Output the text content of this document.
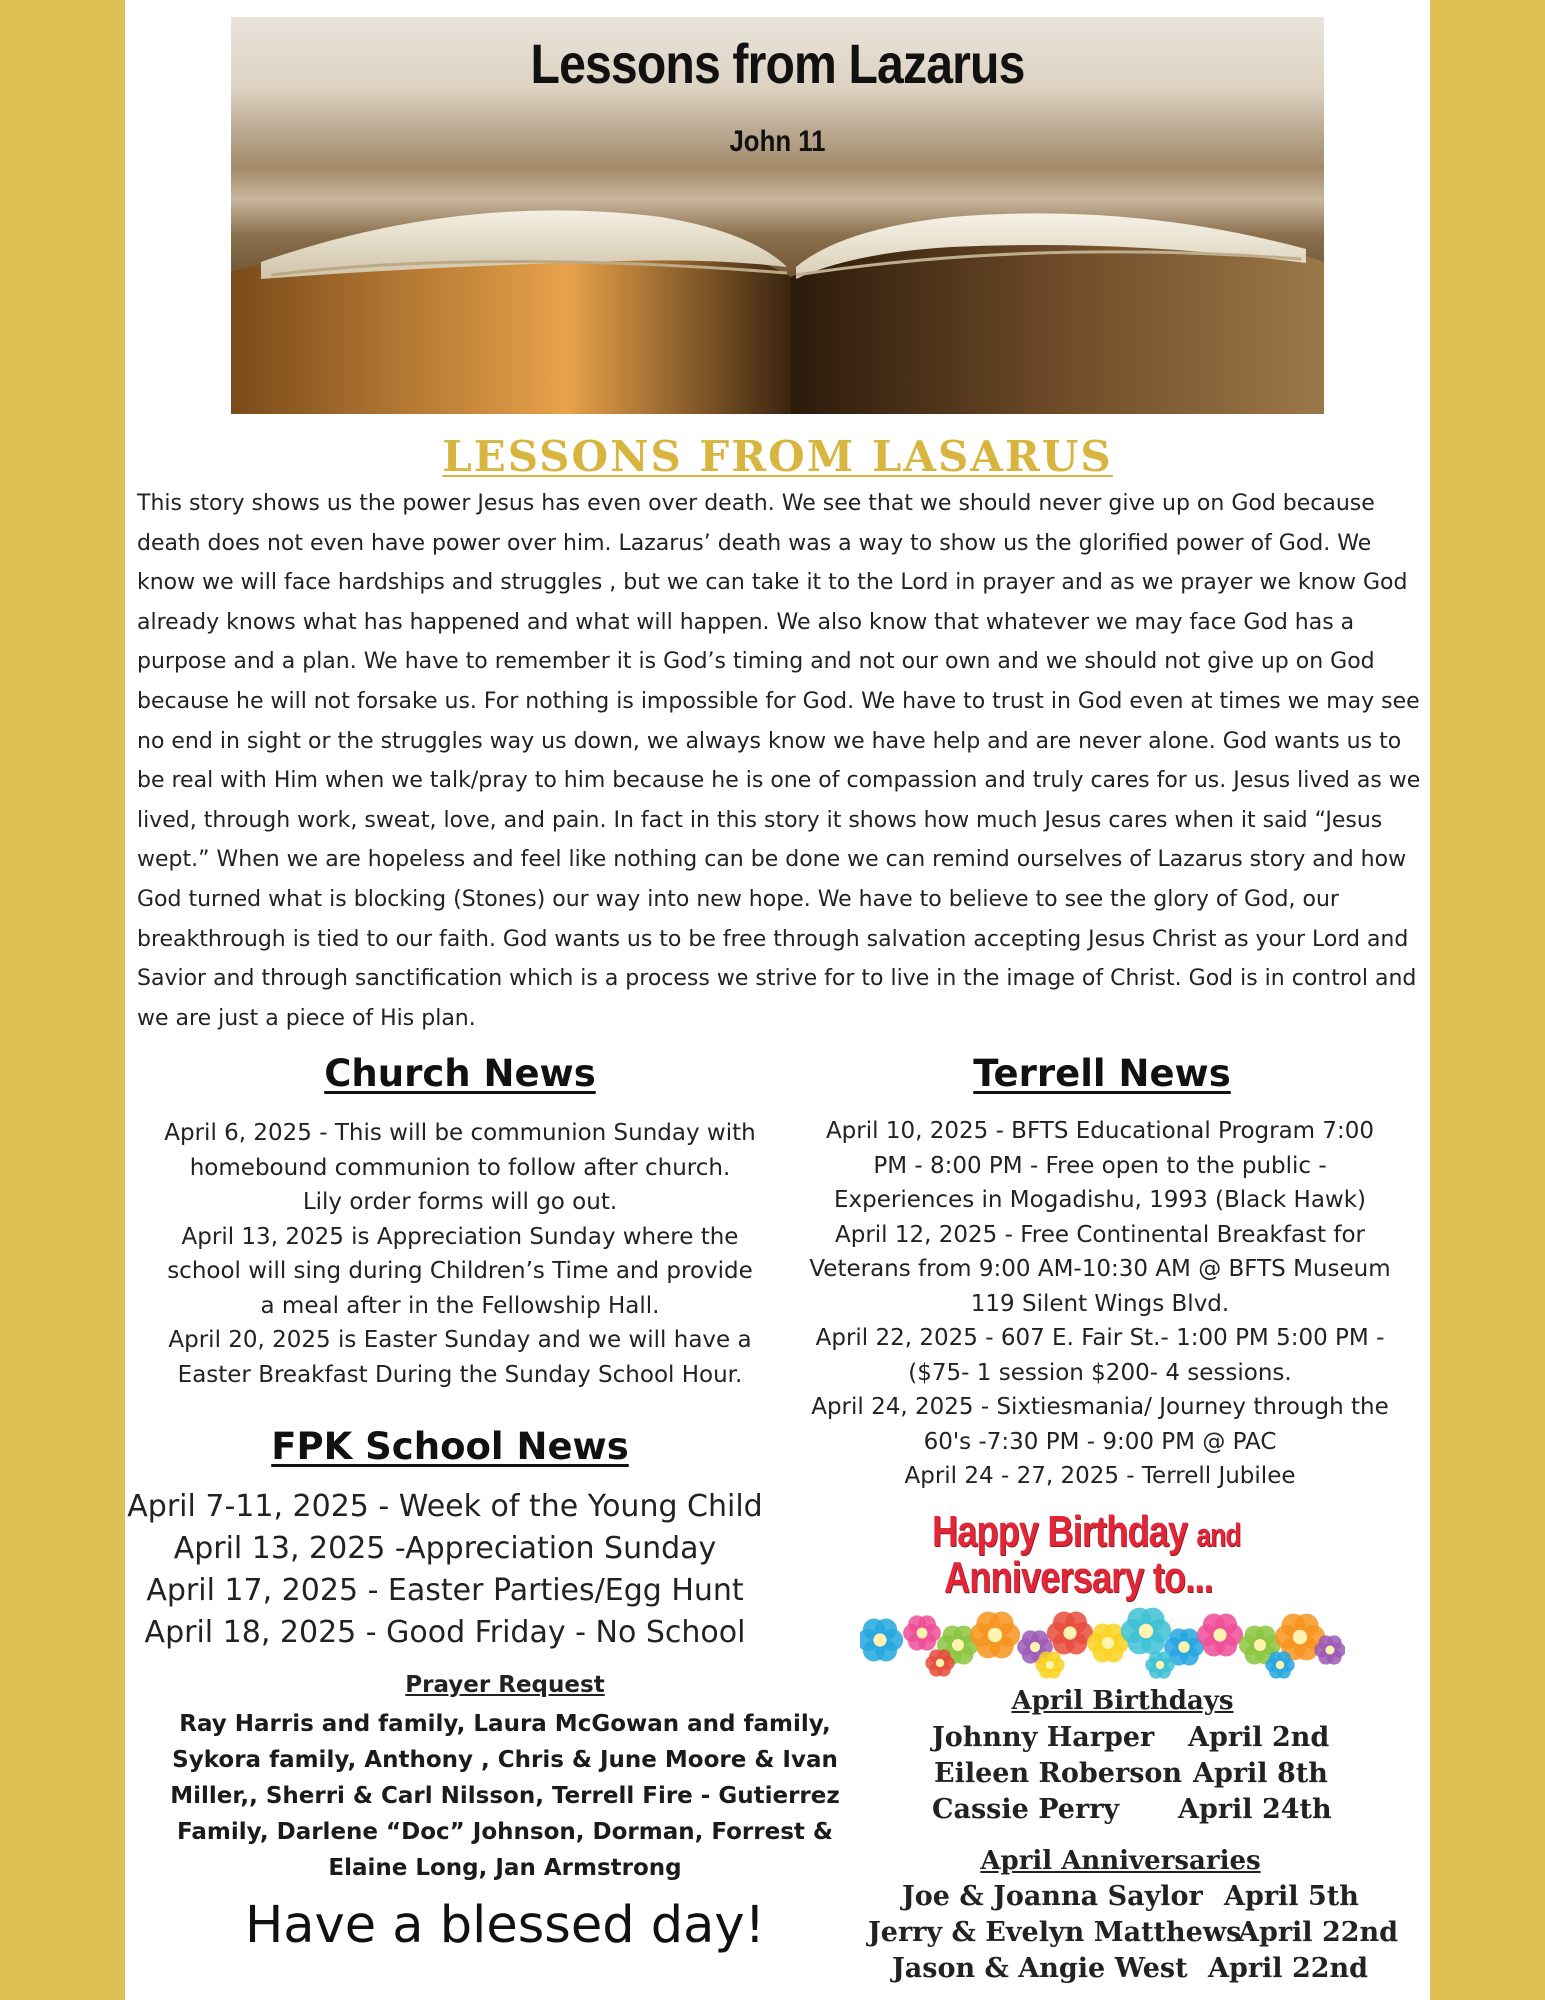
Lessons from Lazarus
John 11
LESSONS FROM LASARUS

This story shows us the power Jesus has even over death. We see that we should never give up on God because death does not even have power over him. Lazarus’ death was a way to show us the glorified power of God. We know we will face hardships and struggles , but we can take it to the Lord in prayer and as we prayer we know God already knows what has happened and what will happen. We also know that whatever we may face God has a purpose and a plan. We have to remember it is God’s timing and not our own and we should not give up on God because he will not forsake us. For nothing is impossible for God. We have to trust in God even at times we may see no end in sight or the struggles way us down, we always know we have help and are never alone. God wants us to be real with Him when we talk/pray to him because he is one of compassion and truly cares for us. Jesus lived as we lived, through work, sweat, love, and pain. In fact in this story it shows how much Jesus cares when it said “Jesus wept.” When we are hopeless and feel like nothing can be done we can remind ourselves of Lazarus story and how God turned what is blocking (Stones) our way into new hope. We have to believe to see the glory of God, our breakthrough is tied to our faith. God wants us to be free through salvation accepting Jesus Christ as your Lord and Savior and through sanctification which is a process we strive for to live in the image of Christ. God is in control and we are just a piece of His plan.

Church News
April 6, 2025 - This will be communion Sunday with
homebound communion to follow after church.
Lily order forms will go out.
April 13, 2025 is Appreciation Sunday where the
school will sing during Children’s Time and provide
a meal after in the Fellowship Hall.
April 20, 2025 is Easter Sunday and we will have a
Easter Breakfast During the Sunday School Hour.
Terrell News
April 10, 2025 - BFTS Educational Program 7:00
PM - 8:00 PM - Free open to the public -
Experiences in Mogadishu, 1993 (Black Hawk)
April 12, 2025 - Free Continental Breakfast for
Veterans from 9:00 AM-10:30 AM @ BFTS Museum
119 Silent Wings Blvd.
April 22, 2025 - 607 E. Fair St.- 1:00 PM 5:00 PM -
($75- 1 session $200- 4 sessions.
April 24, 2025 - Sixtiesmania/ Journey through the
60's -7:30 PM - 9:00 PM @ PAC
April 24 - 27, 2025 - Terrell Jubilee
FPK School News
April 7-11, 2025 - Week of the Young Child
April 13, 2025 -Appreciation Sunday
April 17, 2025 - Easter Parties/Egg Hunt
April 18, 2025 - Good Friday - No School
Prayer Request
Ray Harris and family, Laura McGowan and family,
Sykora family, Anthony , Chris & June Moore & Ivan
Miller,, Sherri & Carl Nilsson, Terrell Fire - Gutierrez
Family, Darlene “Doc” Johnson, Dorman, Forrest &
Elaine Long, Jan Armstrong
Have a blessed day!
Happy Birthday and
Anniversary to...
April Birthdays
Johnny Harper April 2nd
Eileen Roberson April 8th
Cassie Perry April 24th
April Anniversaries
Joe & Joanna Saylor April 5th
Jerry & Evelyn Matthews
April 22nd
Jason & Angie West April 22nd
